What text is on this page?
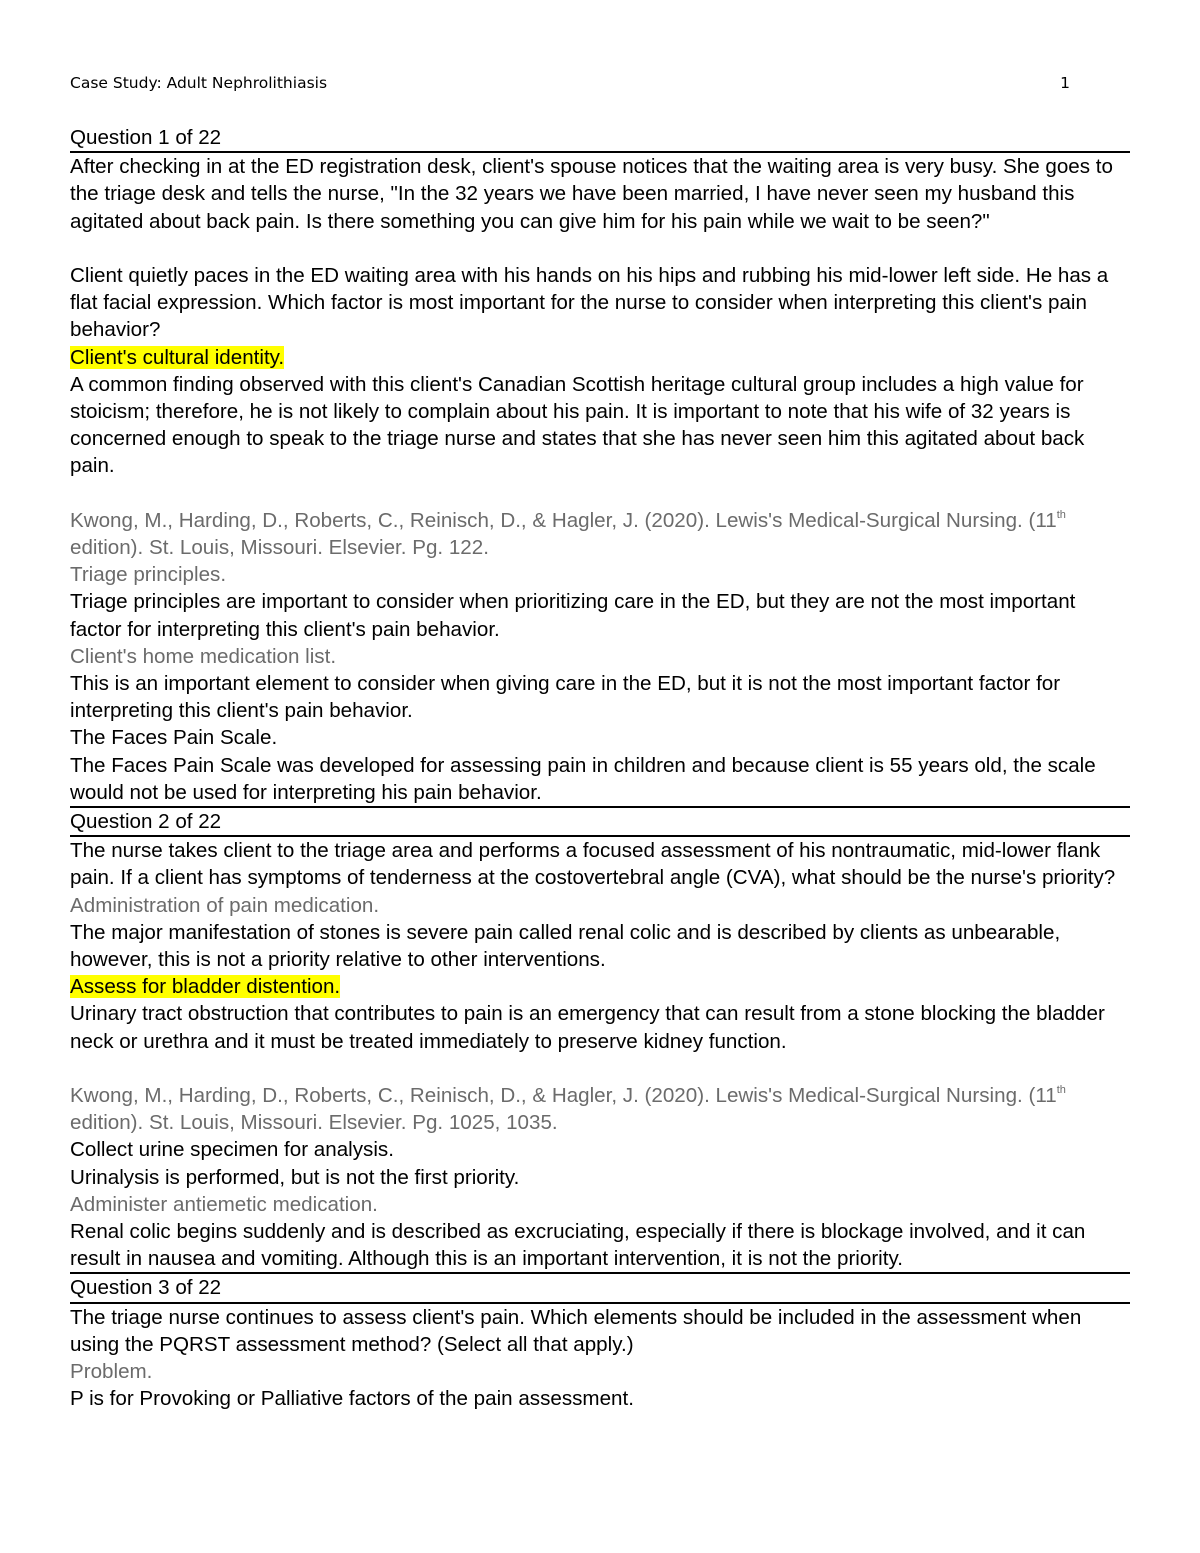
Case Study: Adult Nephrolithiasis	1

Question 1 of 22

After checking in at the ED registration desk, client's spouse notices that the waiting area is very busy. She goes to the triage desk and tells the nurse, "In the 32 years we have been married, I have never seen my husband this agitated about back pain. Is there something you can give him for his pain while we wait to be seen?"

Client quietly paces in the ED waiting area with his hands on his hips and rubbing his mid-lower left side. He has a flat facial expression. Which factor is most important for the nurse to consider when interpreting this client's pain behavior?

Client's cultural identity.

A common finding observed with this client's Canadian Scottish heritage cultural group includes a high value for stoicism; therefore, he is not likely to complain about his pain. It is important to note that his wife of 32 years is concerned enough to speak to the triage nurse and states that she has never seen him this agitated about back pain.

Kwong, M., Harding, D., Roberts, C., Reinisch, D., & Hagler, J. (2020). Lewis's Medical-Surgical Nursing. (11th edition). St. Louis, Missouri. Elsevier. Pg. 122.

Triage principles.

Triage principles are important to consider when prioritizing care in the ED, but they are not the most important factor for interpreting this client's pain behavior.

Client's home medication list.

This is an important element to consider when giving care in the ED, but it is not the most important factor for interpreting this client's pain behavior.

The Faces Pain Scale.

The Faces Pain Scale was developed for assessing pain in children and because client is 55 years old, the scale would not be used for interpreting his pain behavior.

Question 2 of 22

The nurse takes client to the triage area and performs a focused assessment of his nontraumatic, mid-lower flank pain. If a client has symptoms of tenderness at the costovertebral angle (CVA), what should be the nurse's priority?

Administration of pain medication.

The major manifestation of stones is severe pain called renal colic and is described by clients as unbearable, however, this is not a priority relative to other interventions.

Assess for bladder distention.

Urinary tract obstruction that contributes to pain is an emergency that can result from a stone blocking the bladder neck or urethra and it must be treated immediately to preserve kidney function.

Kwong, M., Harding, D., Roberts, C., Reinisch, D., & Hagler, J. (2020). Lewis's Medical-Surgical Nursing. (11th edition). St. Louis, Missouri. Elsevier. Pg. 1025, 1035.

Collect urine specimen for analysis.

Urinalysis is performed, but is not the first priority.

Administer antiemetic medication.

Renal colic begins suddenly and is described as excruciating, especially if there is blockage involved, and it can result in nausea and vomiting. Although this is an important intervention, it is not the priority.

Question 3 of 22

The triage nurse continues to assess client's pain. Which elements should be included in the assessment when using the PQRST assessment method? (Select all that apply.)

Problem.

P is for Provoking or Palliative factors of the pain assessment.
